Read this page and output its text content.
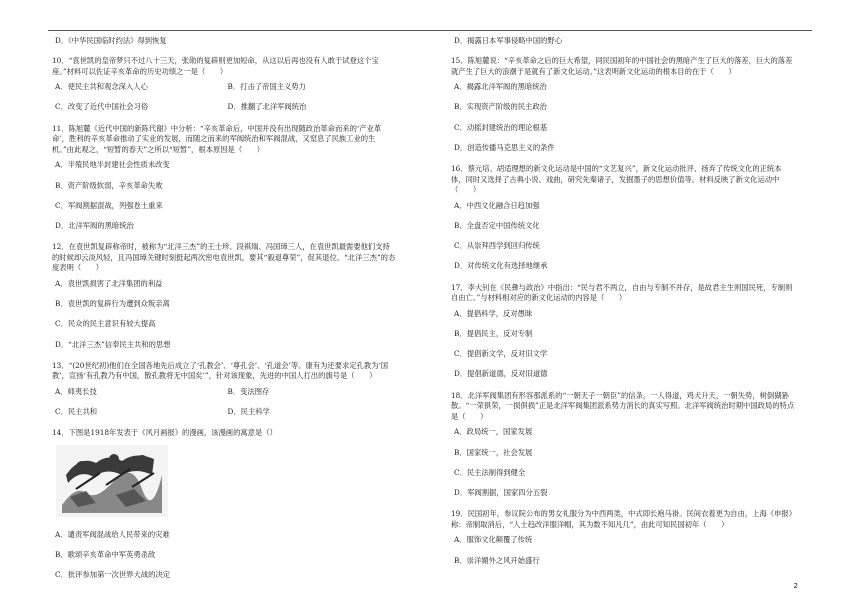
D．《中华民国临时约法》得到恢复

10．“袁世凯的皇帝梦只不过八十三天，张勋的复辟则更加短命，从这以后再也没有人敢于试登这个宝座。”材料可以佐证辛亥革命的历史功绩之一是（　　）

A．使民主共和观念深入人心	B．打击了帝国主义势力

C．改变了近代中国社会习俗	D．推翻了北洋军阀统治

11．陈旭麓《近代中国的新陈代谢》中分析：“辛亥革命后，中国并没有出现随政治革命而来的‘产业革命’，胜利的辛亥革命推动了实业的发展，而随之而来的军阀统治和军阀混战，又窒息了民族工业的生机。”由此观之，“短暂的春天”之所以“短暂”，根本原因是（　　）

A．半殖民地半封建社会性质未改变

B．资产阶级软弱，辛亥革命失败

C．军阀割据混战，列强卷土重来

D．北洋军阀的黑暗统治

12．在袁世凯复辟称帝时，被称为“北洋三杰”的王士珍、段祺瑞、冯国璋三人，在袁世凯最需要他们支持的时候却云淡风轻，且冯国璋关键时刻挺起两次密电袁世凯，要其“毅退尊荣”，促其退位。“北洋三杰”的态度表明（　　）

A．袁世凯损害了北洋集团的利益

B．袁世凯的复辟行为遭到众叛亲离

C．民众的民主意识有较大提高

D．“北洋三杰”信奉民主共和的思想

13．“(20世纪初)他们在全国各地先后成立了‘孔教会’、‘尊孔会’、‘孔道会’等。康有为还要求定孔教为‘国教’，宣扬‘有孔教乃有中国，散孔教将无中国矣’”，针对该现象，先进的中国人打出的旗号是（　　）

A．师夷长技	B．变法图存

C．民主共和	D．民主科学

14．下图是1918年发表于《风月画报》的漫画，该漫画的寓意是（）

A．谴责军阀混战给人民带来的灾难

B．歌颂辛亥革命中军英勇杀敌

C．批评参加第一次世界大战的决定

D．揭露日本军事侵略中国的野心

15．陈旭麓说：“辛亥革命之后的巨大希望，同民国初年的中国社会的黑暗产生了巨大的落差，巨大的落差就产生了巨大的浪潮于是就有了新文化运动。”这表明新文化运动的根本目的在于（　　）

A．揭露北洋军阀的黑暗统治

B．实现资产阶级的民主政治

C．动摇封建统治的理论根基

D．创造传播马克思主义的条件

16．蔡元培、胡适理想的新文化运动是中国的“文艺复兴”，新文化运动批评、扬弃了传统文化的正统本体，同时又选择了古典小说、戏曲，研究先秦诸子，发掘墨子的思想价值等。材料反映了新文化运动中（　　）

A．中西文化融合日趋加强

B．全盘否定中国传统文化

C．从崇拜西学到回归传统

D．对传统文化有选择地继承

17．李大钊在《民彝与政治》中指出：“民与君不两立，自由与专制不并存，是故君主生则国民死，专制则自由亡。”与材料相对应的新文化运动的内容是（　　）

A．提倡科学，反对愚昧

B．提倡民主，反对专制

C．提倡新文学，反对旧文学

D．提倡新道德，反对旧道德

18．北洋军阀集团有形容那派系的“一朝天子一朝臣”的信条，一人得道，鸡犬升天，一朝失势，树倒猢狲散。“一荣俱荣，一损俱损”正是北洋军阀集团派系势力消长的真实写照。北洋军阀统治时期中国政局的特点是（　　）

A．政局统一，国家发展

B．国家统一，社会发展

C．民主法制得到健全

D．军阀割据，国家四分五裂

19．民国初年，参议院公布的男女礼服分为中西两类，中式即长袍马褂。民间衣着更为自由，上海《申报》称：帝制取消后，“人士趋改洋服洋帽，其为数不知凡几”，由此可知民国初年（　　）

A．服饰文化颠覆了传统

B．崇洋媚外之风开始盛行

2
